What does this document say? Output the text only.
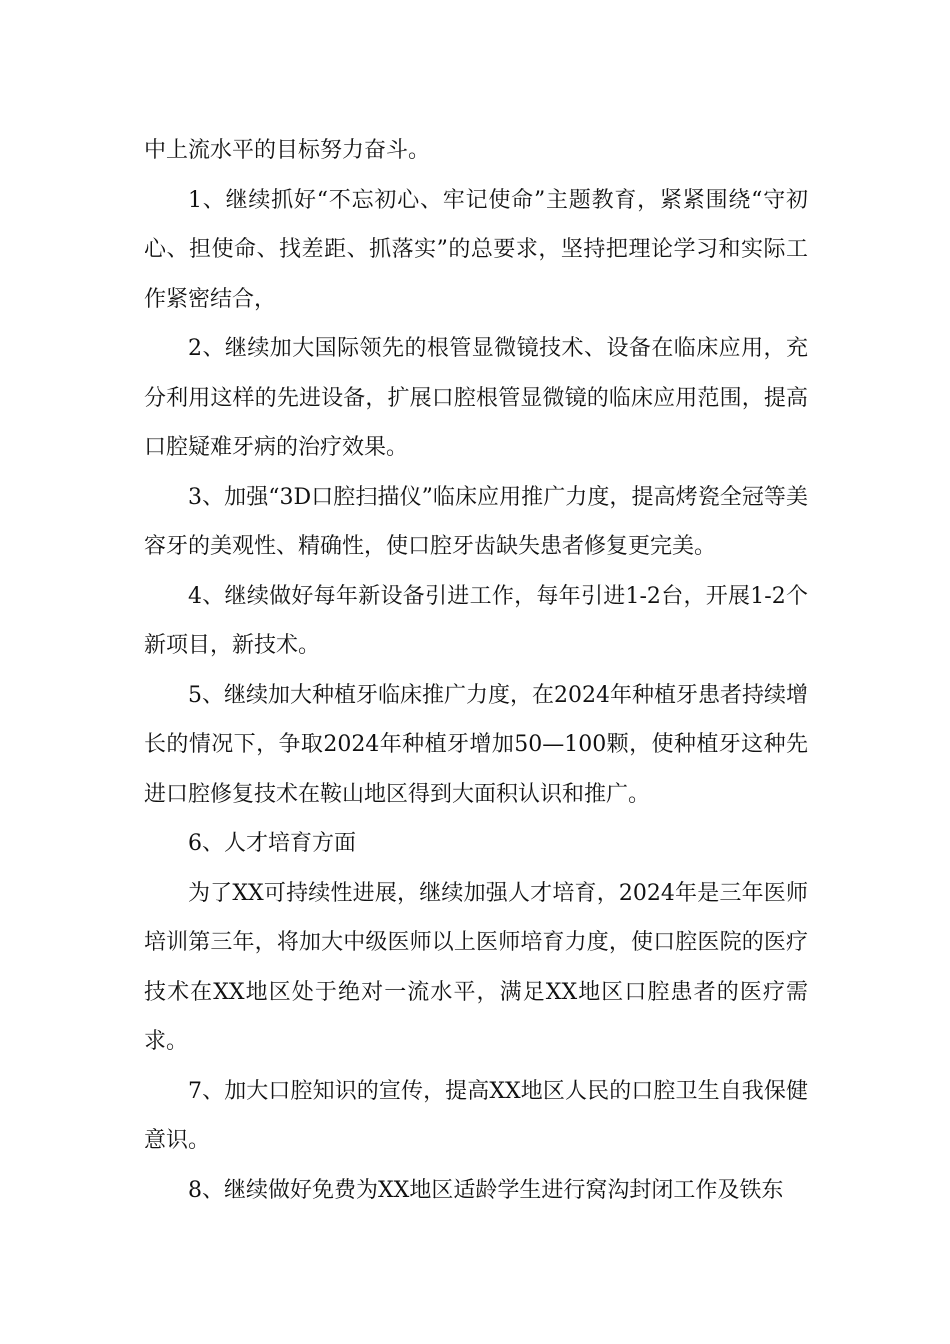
中上流水平的目标努力奋斗。

1、继续抓好“不忘初心、牢记使命”主题教育，紧紧围绕“守初心、担使命、找差距、抓落实”的总要求，坚持把理论学习和实际工作紧密结合，

2、继续加大国际领先的根管显微镜技术、设备在临床应用，充分利用这样的先进设备，扩展口腔根管显微镜的临床应用范围，提高口腔疑难牙病的治疗效果。

3、加强“3D口腔扫描仪”临床应用推广力度，提高烤瓷全冠等美容牙的美观性、精确性，使口腔牙齿缺失患者修复更完美。

4、继续做好每年新设备引进工作，每年引进1-2台，开展1-2个新项目，新技术。

5、继续加大种植牙临床推广力度，在2024年种植牙患者持续增长的情况下，争取2024年种植牙增加50—100颗，使种植牙这种先进口腔修复技术在鞍山地区得到大面积认识和推广。

6、人才培育方面

为了XX可持续性进展，继续加强人才培育，2024年是三年医师培训第三年，将加大中级医师以上医师培育力度，使口腔医院的医疗技术在XX地区处于绝对一流水平，满足XX地区口腔患者的医疗需求。

7、加大口腔知识的宣传，提高XX地区人民的口腔卫生自我保健意识。

8、继续做好免费为XX地区适龄学生进行窝沟封闭工作及铁东
